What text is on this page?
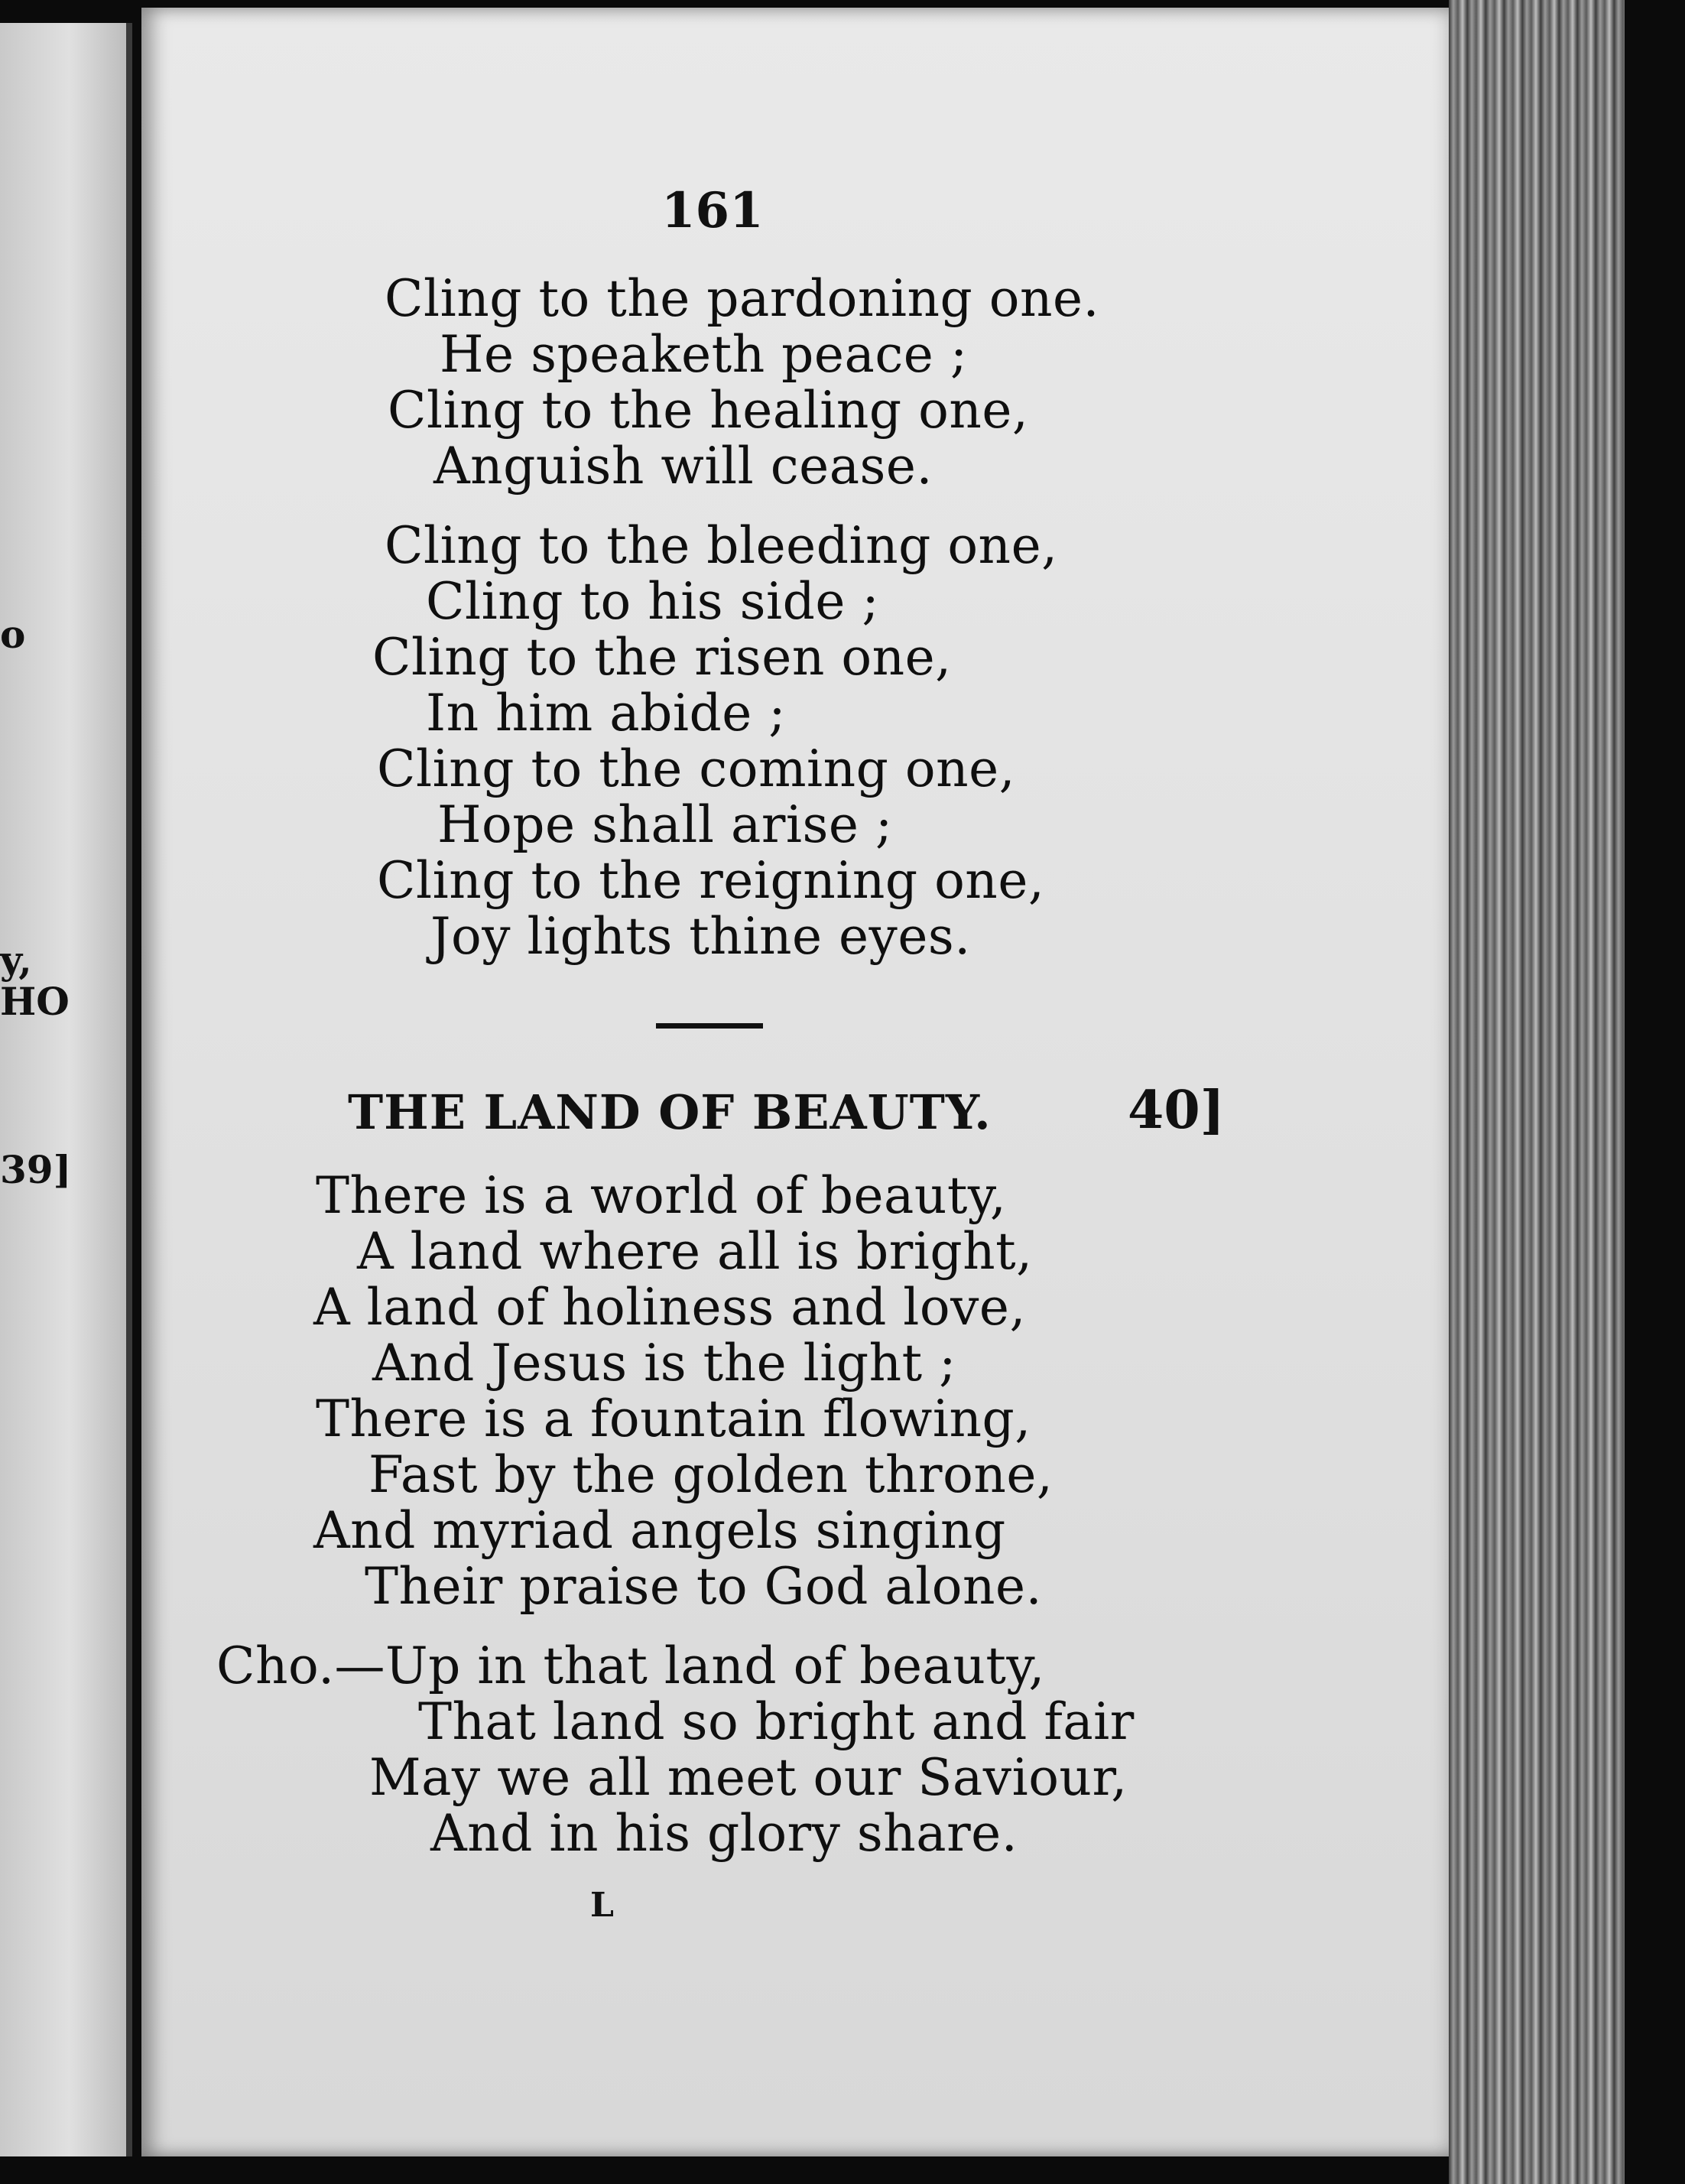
o
y,
HO
39]
161
Cling to the pardoning one.
He speaketh peace ;
Cling to the healing one,
Anguish will cease.
Cling to the bleeding one,
Cling to his side ;
Cling to the risen one,
In him abide ;
Cling to the coming one,
Hope shall arise ;
Cling to the reigning one,
Joy lights thine eyes.
THE LAND OF BEAUTY.	40]
There is a world of beauty,
A land where all is bright,
A land of holiness and love,
And Jesus is the light ;
There is a fountain flowing,
Fast by the golden throne,
And myriad angels singing
Their praise to God alone.
Cho.—Up in that land of beauty,
That land so bright and fair
May we all meet our Saviour,
And in his glory share.
L
